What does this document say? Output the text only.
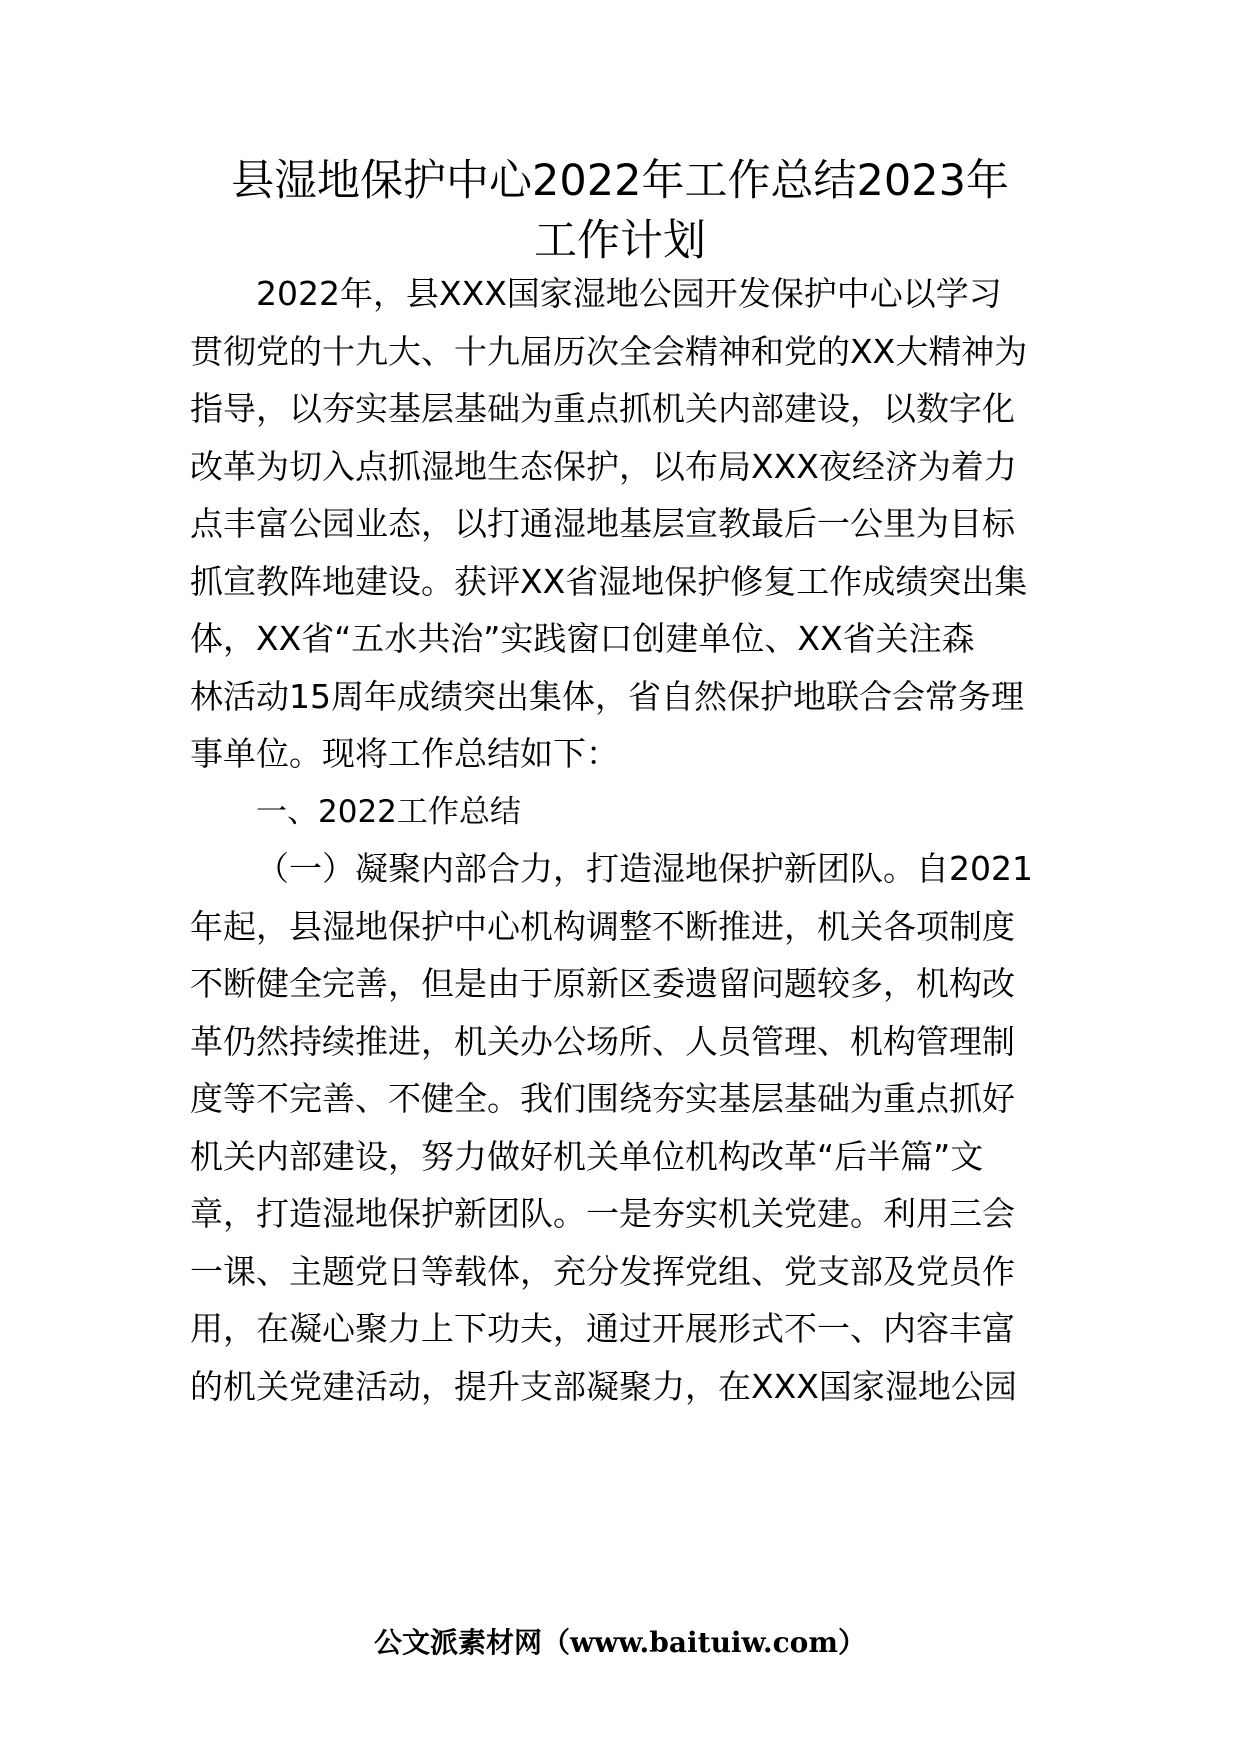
县湿地保护中心2022年工作总结2023年
工作计划
2022年，县XXX国家湿地公园开发保护中心以学习
贯彻党的十九大、十九届历次全会精神和党的XX大精神为
指导，以夯实基层基础为重点抓机关内部建设，以数字化
改革为切入点抓湿地生态保护，以布局XXX夜经济为着力
点丰富公园业态，以打通湿地基层宣教最后一公里为目标
抓宣教阵地建设。获评XX省湿地保护修复工作成绩突出集
体，XX省“五水共治”实践窗口创建单位、XX省关注森
林活动15周年成绩突出集体，省自然保护地联合会常务理
事单位。现将工作总结如下：
一、2022工作总结
（一）凝聚内部合力，打造湿地保护新团队。自2021
年起，县湿地保护中心机构调整不断推进，机关各项制度
不断健全完善，但是由于原新区委遗留问题较多，机构改
革仍然持续推进，机关办公场所、人员管理、机构管理制
度等不完善、不健全。我们围绕夯实基层基础为重点抓好
机关内部建设，努力做好机关单位机构改革“后半篇”文
章，打造湿地保护新团队。一是夯实机关党建。利用三会
一课、主题党日等载体，充分发挥党组、党支部及党员作
用，在凝心聚力上下功夫，通过开展形式不一、内容丰富
的机关党建活动，提升支部凝聚力，在XXX国家湿地公园
公文派素材网（www.baituiw.com）
